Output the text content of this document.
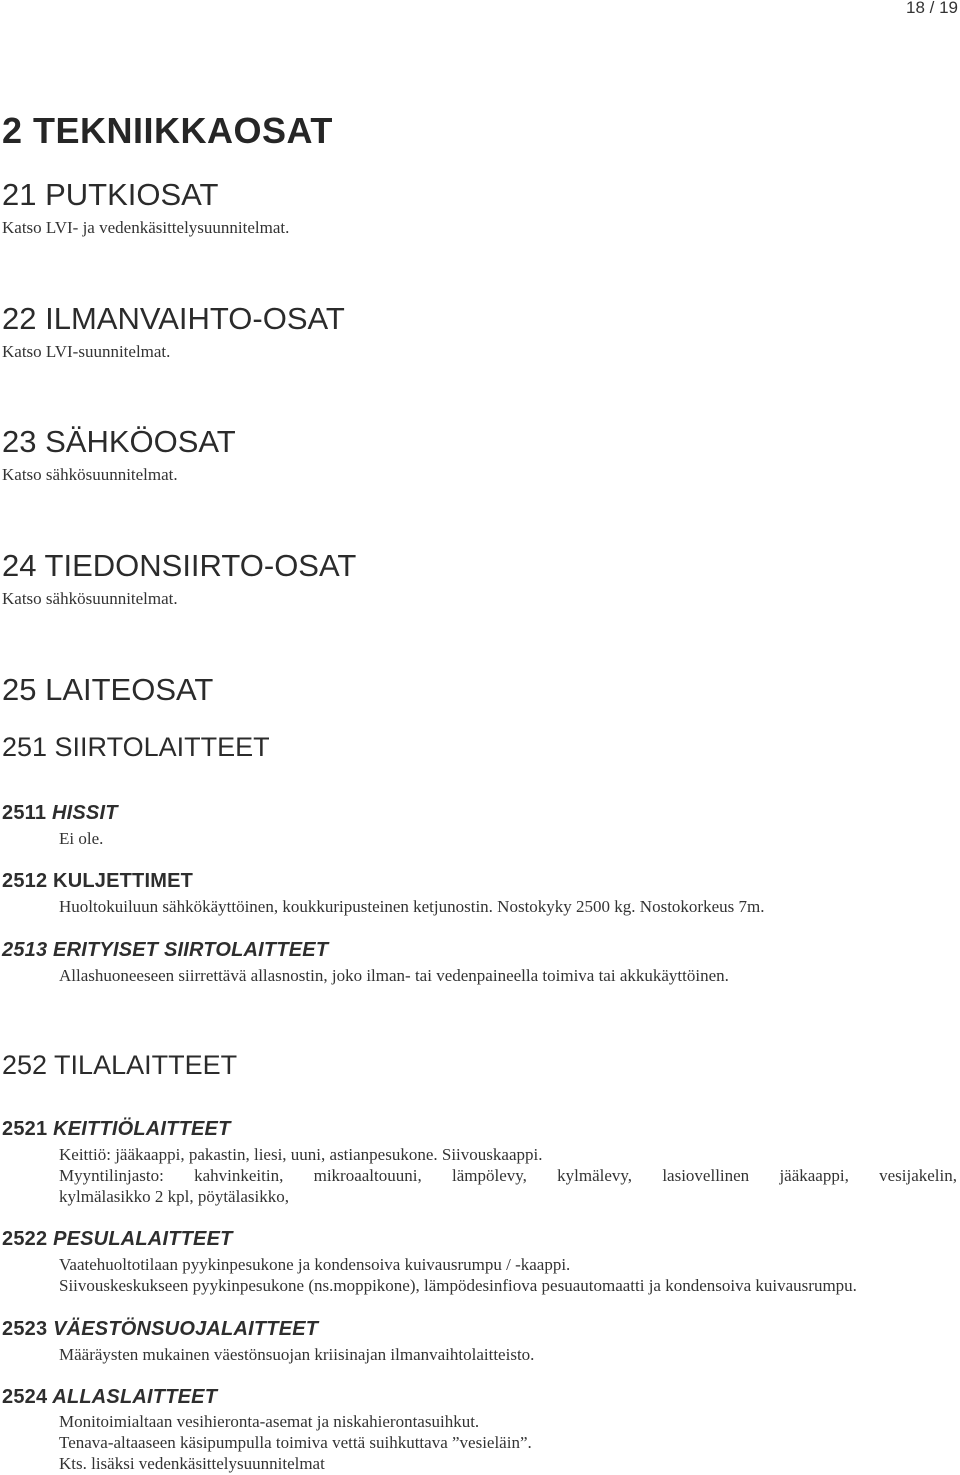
18 / 19
2 TEKNIIKKAOSAT
21 PUTKIOSAT
Katso LVI- ja vedenkäsittelysuunnitelmat.
22 ILMANVAIHTO-OSAT
Katso LVI-suunnitelmat.
23 SÄHKÖOSAT
Katso sähkösuunnitelmat.
24 TIEDONSIIRTO-OSAT
Katso sähkösuunnitelmat.
25 LAITEOSAT
251 SIIRTOLAITTEET
2511 HISSIT
Ei ole.
2512 KULJETTIMET
Huoltokuiluun sähkökäyttöinen, koukkuripusteinen ketjunostin. Nostokyky 2500 kg. Nostokorkeus 7m.
2513 ERITYISET SIIRTOLAITTEET
Allashuoneeseen siirrettävä allasnostin, joko ilman- tai vedenpaineella toimiva tai akkukäyttöinen.
252 TILALAITTEET
2521 KEITTIÖLAITTEET
Keittiö: jääkaappi, pakastin, liesi, uuni, astianpesukone. Siivouskaappi.
Myyntilinjasto: kahvinkeitin, mikroaaltouuni, lämpölevy, kylmälevy, lasiovellinen jääkaappi, vesijakelin,
kylmälasikko 2 kpl, pöytälasikko,
2522 PESULALAITTEET
Vaatehuoltotilaan pyykinpesukone ja kondensoiva kuivausrumpu / -kaappi.
Siivouskeskukseen pyykinpesukone (ns.moppikone), lämpödesinfiova pesuautomaatti ja kondensoiva kuivausrumpu.
2523 VÄESTÖNSUOJALAITTEET
Määräysten mukainen väestönsuojan kriisinajan ilmanvaihtolaitteisto.
2524 ALLASLAITTEET
Monitoimialtaan vesihieronta-asemat ja niskahierontasuihkut.
Tenava-altaaseen käsipumpulla toimiva vettä suihkuttava ”vesieläin”.
Kts. lisäksi vedenkäsittelysuunnitelmat
